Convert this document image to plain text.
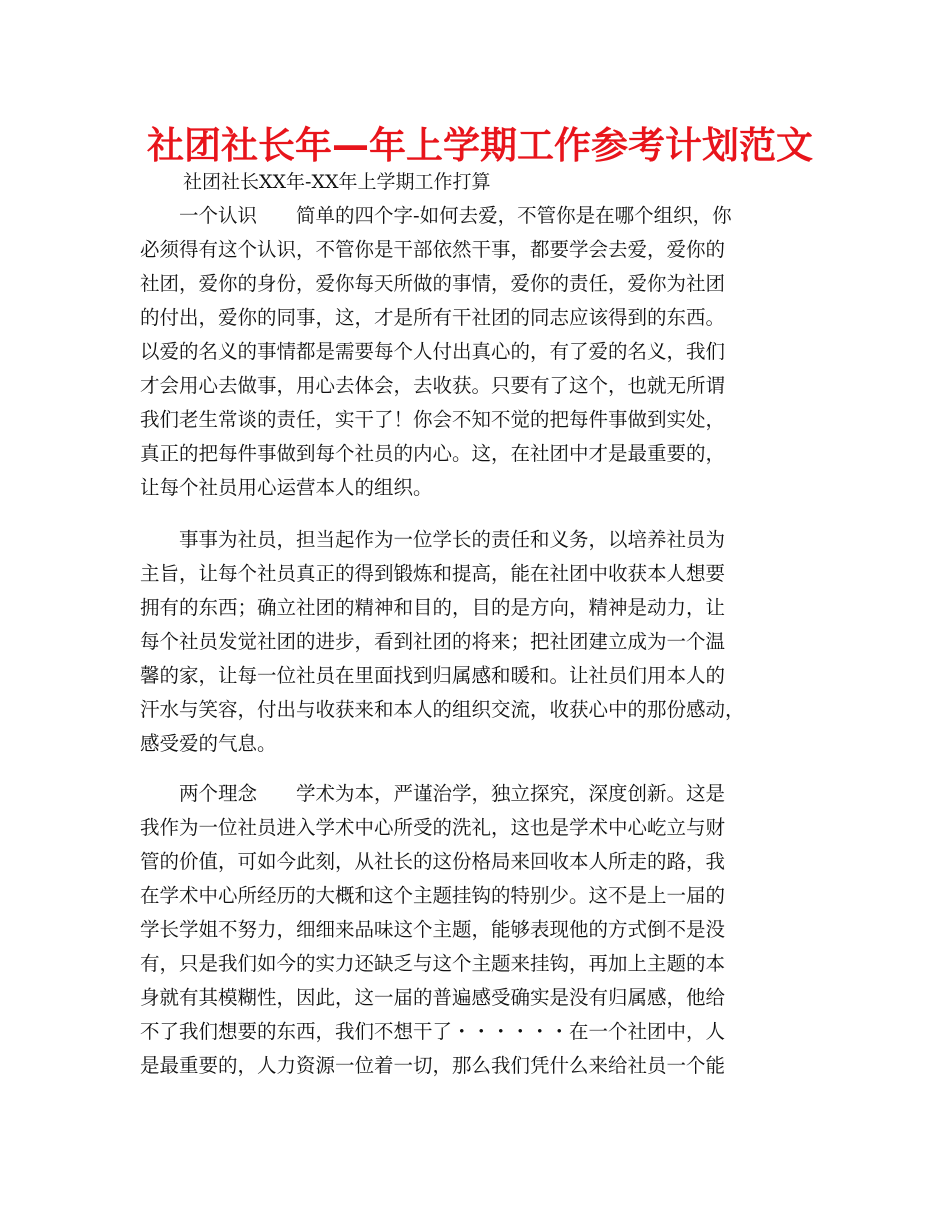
社团社长年—年上学期工作参考计划范文

社团社长XX年-XX年上学期工作打算

　　一个认识　　简单的四个字-如何去爱，不管你是在哪个组织，你

必须得有这个认识，不管你是干部依然干事，都要学会去爱，爱你的

社团，爱你的身份，爱你每天所做的事情，爱你的责任，爱你为社团

的付出，爱你的同事，这，才是所有干社团的同志应该得到的东西。

以爱的名义的事情都是需要每个人付出真心的，有了爱的名义，我们

才会用心去做事，用心去体会，去收获。只要有了这个，也就无所谓

我们老生常谈的责任，实干了！你会不知不觉的把每件事做到实处，

真正的把每件事做到每个社员的内心。这，在社团中才是最重要的，

让每个社员用心运营本人的组织。

　　事事为社员，担当起作为一位学长的责任和义务，以培养社员为

主旨，让每个社员真正的得到锻炼和提高，能在社团中收获本人想要

拥有的东西；确立社团的精神和目的，目的是方向，精神是动力，让

每个社员发觉社团的进步，看到社团的将来；把社团建立成为一个温

馨的家，让每一位社员在里面找到归属感和暖和。让社员们用本人的

汗水与笑容，付出与收获来和本人的组织交流，收获心中的那份感动，

感受爱的气息。

　　两个理念　　学术为本，严谨治学，独立探究，深度创新。这是

我作为一位社员进入学术中心所受的洗礼，这也是学术中心屹立与财

管的价值，可如今此刻，从社长的这份格局来回收本人所走的路，我

在学术中心所经历的大概和这个主题挂钩的特别少。这不是上一届的

学长学姐不努力，细细来品味这个主题，能够表现他的方式倒不是没

有，只是我们如今的实力还缺乏与这个主题来挂钩，再加上主题的本

身就有其模糊性，因此，这一届的普遍感受确实是没有归属感，他给

不了我们想要的东西，我们不想干了・・・・・・在一个社团中，人

是最重要的，人力资源一位着一切，那么我们凭什么来给社员一个能
